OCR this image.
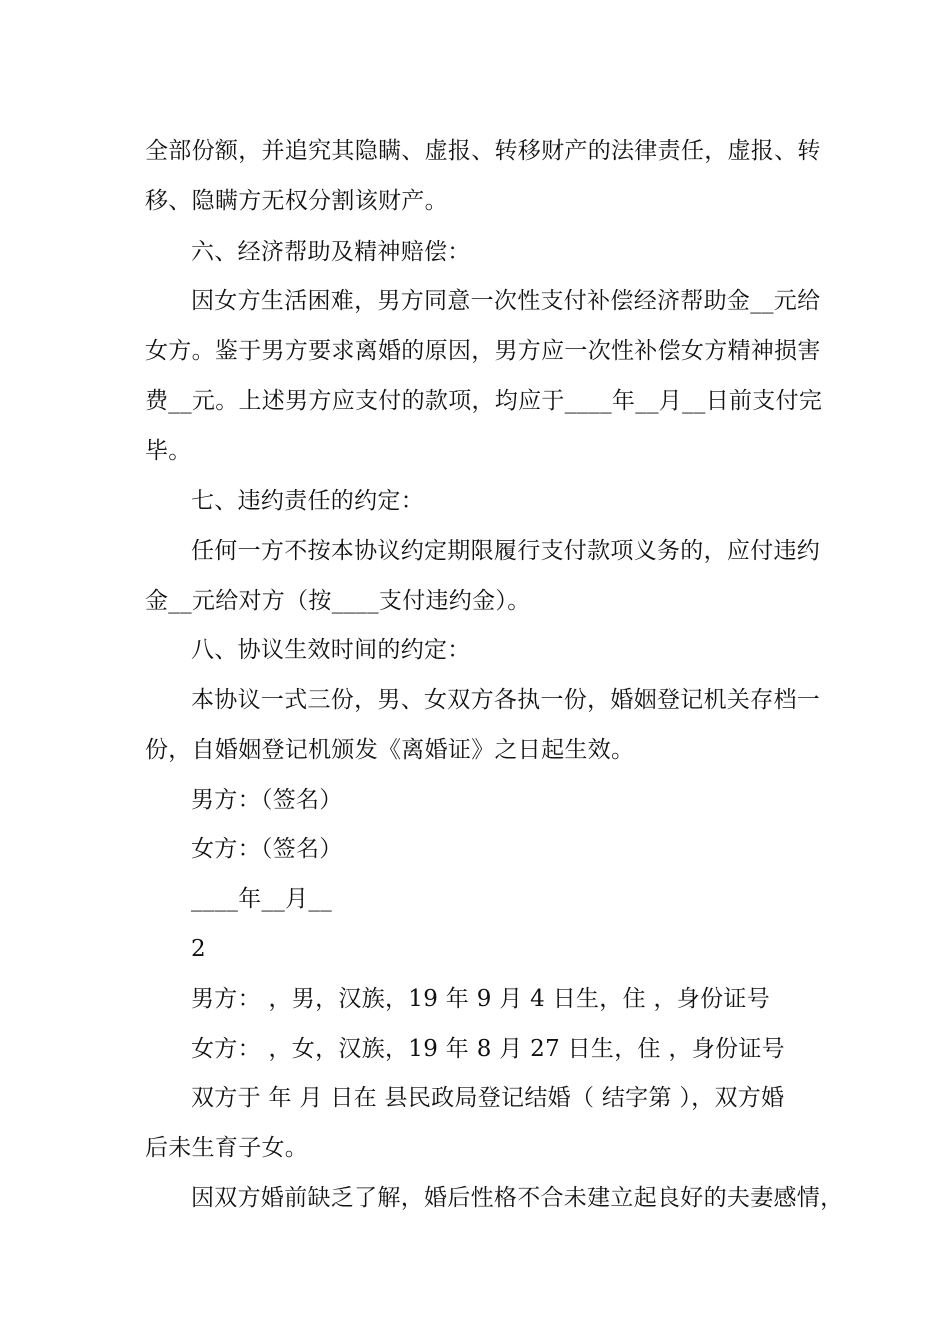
全部份额，并追究其隐瞒、虚报、转移财产的法律责任，虚报、转
移、隐瞒方无权分割该财产。
六、经济帮助及精神赔偿：
因女方生活困难，男方同意一次性支付补偿经济帮助金__元给
女方。鉴于男方要求离婚的原因，男方应一次性补偿女方精神损害
费__元。上述男方应支付的款项，均应于____年__月__日前支付完
毕。
七、违约责任的约定：
任何一方不按本协议约定期限履行支付款项义务的，应付违约
金__元给对方（按____支付违约金）。
八、协议生效时间的约定：
本协议一式三份，男、女双方各执一份，婚姻登记机关存档一
份，自婚姻登记机颁发《离婚证》之日起生效。
男方：（签名）
女方：（签名）
____年__月__
2
男方： ，男，汉族，19 年 9 月 4 日生，住 ，身份证号
女方： ，女，汉族，19 年 8 月 27 日生，住 ，身份证号
双方于 年 月 日在 县民政局登记结婚（ 结字第 ），双方婚
后未生育子女。
因双方婚前缺乏了解，婚后性格不合未建立起良好的夫妻感情，
